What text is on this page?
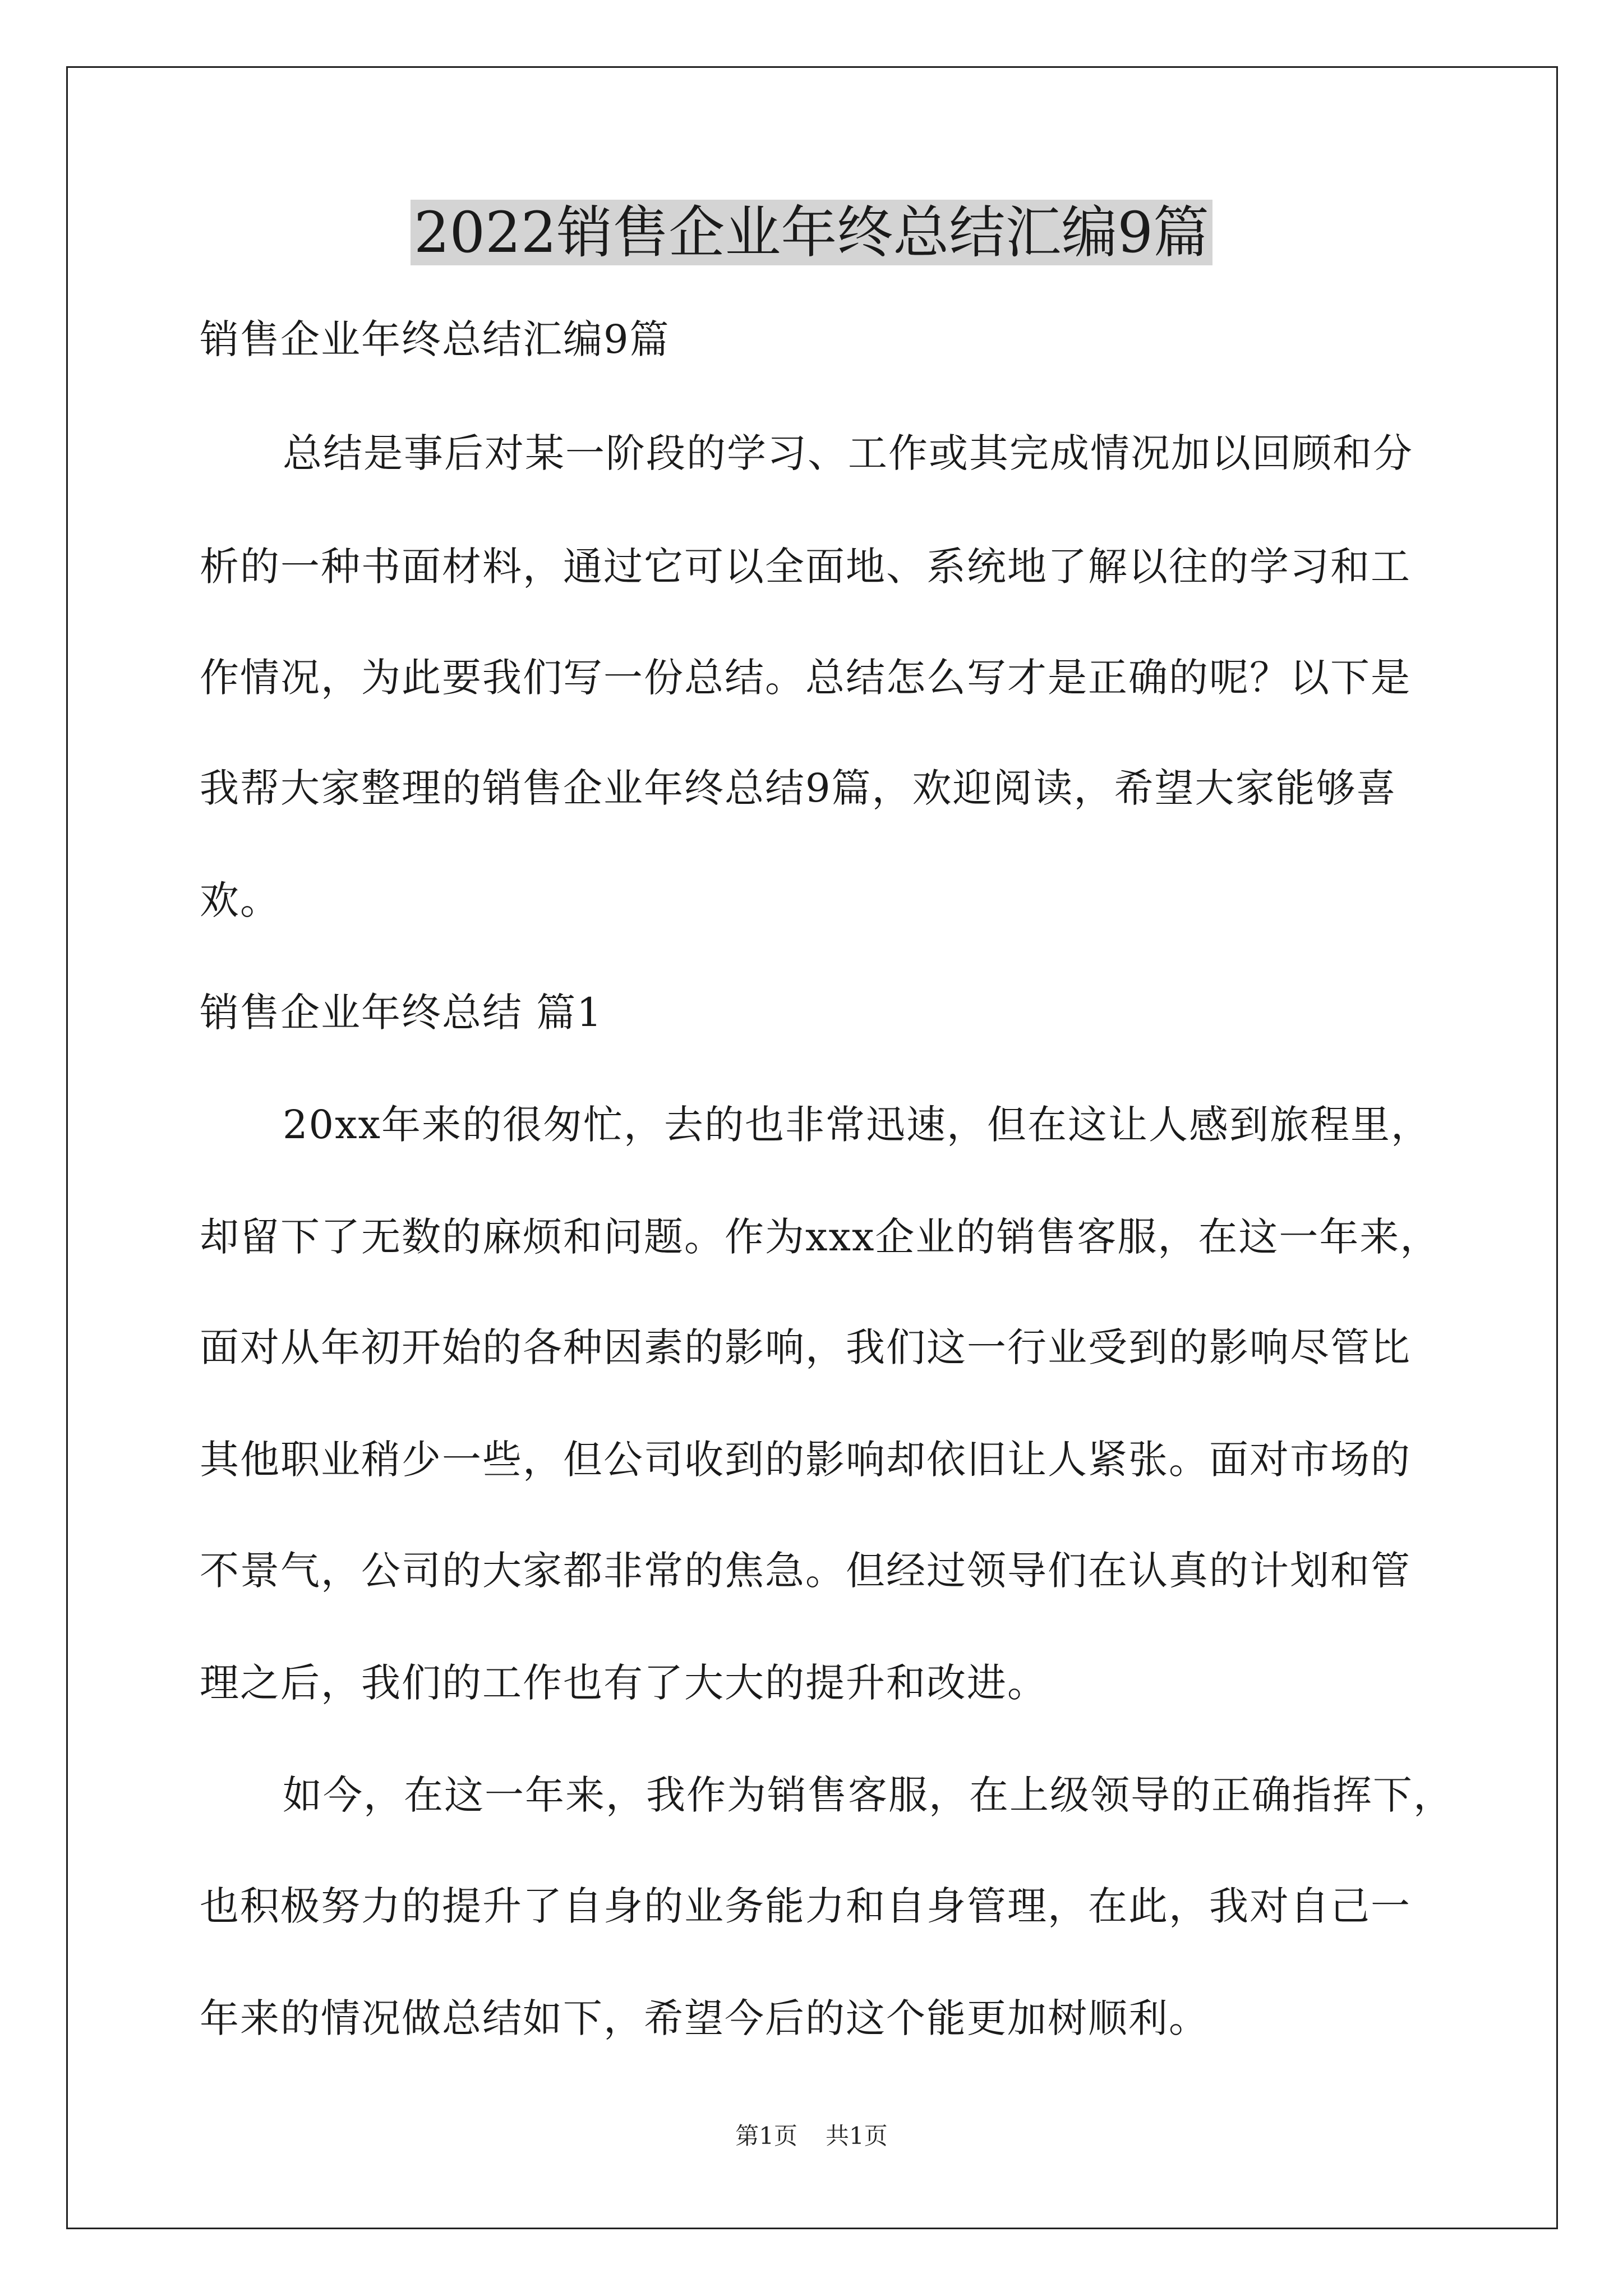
2022销售企业年终总结汇编9篇
销售企业年终总结汇编9篇
总结是事后对某一阶段的学习、工作或其完成情况加以回顾和分
析的一种书面材料，通过它可以全面地、系统地了解以往的学习和工
作情况，为此要我们写一份总结。总结怎么写才是正确的呢？以下是
我帮大家整理的销售企业年终总结9篇，欢迎阅读，希望大家能够喜
欢。
销售企业年终总结 篇1
20xx年来的很匆忙，去的也非常迅速，但在这让人感到旅程里，
却留下了无数的麻烦和问题。作为xxx企业的销售客服，在这一年来，
面对从年初开始的各种因素的影响，我们这一行业受到的影响尽管比
其他职业稍少一些，但公司收到的影响却依旧让人紧张。面对市场的
不景气，公司的大家都非常的焦急。但经过领导们在认真的计划和管
理之后，我们的工作也有了大大的提升和改进。
如今，在这一年来，我作为销售客服，在上级领导的正确指挥下，
也积极努力的提升了自身的业务能力和自身管理，在此，我对自己一
年来的情况做总结如下，希望今后的这个能更加树顺利。
第1页 共1页
